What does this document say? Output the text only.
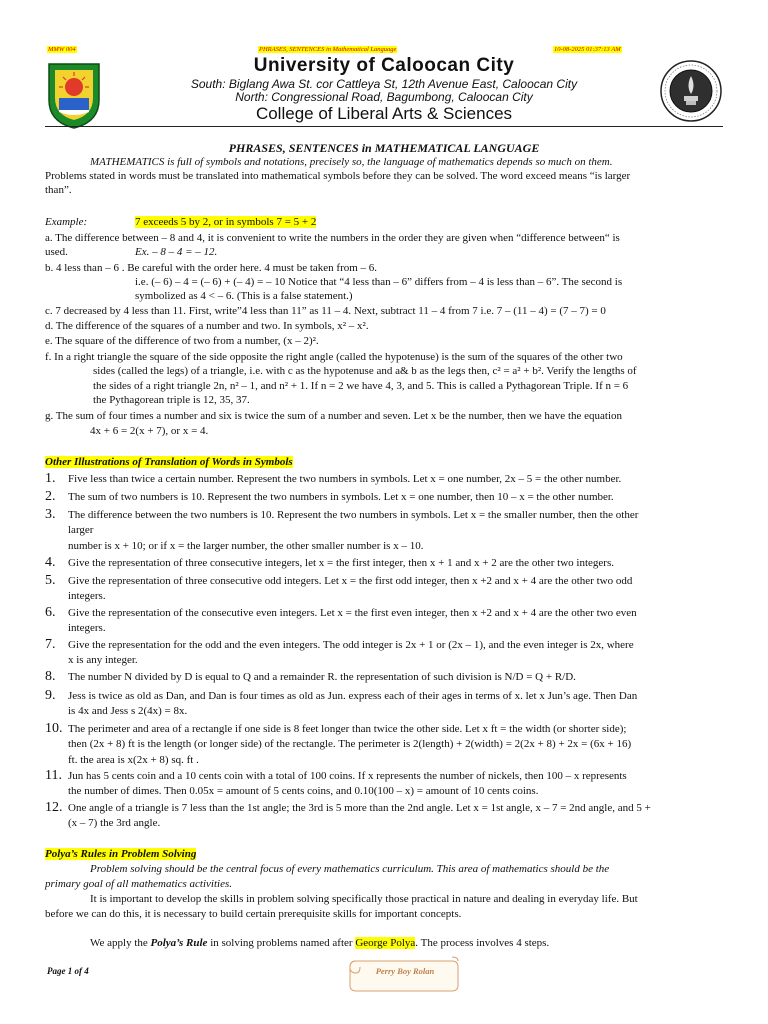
MMW 004	PHRASES, SENTENCES in Mathematical Language	10-08-2025 01:37:13 AM
University of Caloocan City
South: Biglang Awa St. cor Cattleya St, 12th Avenue East, Caloocan City
North: Congressional Road, Bagumbong, Caloocan City
College of Liberal Arts & Sciences
PHRASES, SENTENCES in MATHEMATICAL LANGUAGE
MATHEMATICS is full of symbols and notations, precisely so, the language of mathematics depends so much on them.
Problems stated in words must be translated into mathematical symbols before they can be solved. The word exceed means “is larger
than”.
Example:	7 exceeds 5 by 2, or in symbols 7 = 5 + 2
a. The difference between – 8 and 4, it is convenient to write the numbers in the order they are given when “difference between“ is
used.	Ex. – 8 – 4 = – 12.
b. 4 less than – 6 . Be careful with the order here. 4 must be taken from – 6.
i.e. (– 6) – 4 = (– 6) + (– 4) = – 10 Notice that “4 less than – 6” differs from – 4 is less than – 6”. The second is
symbolized as 4 < – 6. (This is a false statement.)
c. 7 decreased by 4 less than 11. First, write”4 less than 11” as 11 – 4. Next, subtract 11 – 4 from 7 i.e. 7 – (11 – 4) = (7 – 7) = 0
d. The difference of the squares of a number and two. In symbols, x² – x².
e. The square of the difference of two from a number, (x – 2)².
f. In a right triangle the square of the side opposite the right angle (called the hypotenuse) is the sum of the squares of the other two
sides (called the legs) of a triangle, i.e. with c as the hypotenuse and a& b as the legs then, c² = a² + b². Verify the lengths of
the sides of a right triangle 2n, n² – 1, and n² + 1. If n = 2 we have 4, 3, and 5. This is called a Pythagorean Triple. If n = 6
the Pythagorean triple is 12, 35, 37.
g. The sum of four times a number and six is twice the sum of a number and seven. Let x be the number, then we have the equation
4x + 6 = 2(x + 7), or x = 4.
Other Illustrations of Translation of Words in Symbols
1. Five less than twice a certain number. Represent the two numbers in symbols. Let x = one number, 2x – 5 = the other number.
2. The sum of two numbers is 10. Represent the two numbers in symbols. Let x = one number, then 10 – x = the other number.
3. The difference between the two numbers is 10. Represent the two numbers in symbols. Let x = the smaller number, then the other
larger
number is x + 10; or if x = the larger number, the other smaller number is x – 10.
4. Give the representation of three consecutive integers, let x = the first integer, then x + 1 and x + 2 are the other two integers.
5. Give the representation of three consecutive odd integers. Let x = the first odd integer, then x +2 and x + 4 are the other two odd
integers.
6. Give the representation of the consecutive even integers. Let x = the first even integer, then x +2 and x + 4 are the other two even
integers.
7. Give the representation for the odd and the even integers. The odd integer is 2x + 1 or (2x – 1), and the even integer is 2x, where
x is any integer.
8. The number N divided by D is equal to Q and a remainder R. the representation of such division is N/D = Q + R/D.
9. Jess is twice as old as Dan, and Dan is four times as old as Jun. express each of their ages in terms of x. let x Jun’s age. Then Dan
is 4x and Jess s 2(4x) = 8x.
10. The perimeter and area of a rectangle if one side is 8 feet longer than twice the other side. Let x ft = the width (or shorter side);
then (2x + 8) ft is the length (or longer side) of the rectangle. The perimeter is 2(length) + 2(width) = 2(2x + 8) + 2x = (6x + 16)
ft. the area is x(2x + 8) sq. ft .
11. Jun has 5 cents coin and a 10 cents coin with a total of 100 coins. If x represents the number of nickels, then 100 – x represents
the number of dimes. Then 0.05x = amount of 5 cents coins, and 0.10(100 – x) = amount of 10 cents coins.
12. One angle of a triangle is 7 less than the 1st angle; the 3rd is 5 more than the 2nd angle. Let x = 1st angle, x – 7 = 2nd angle, and 5 +
(x – 7) the 3rd angle.
Polya’s Rules in Problem Solving
Problem solving should be the central focus of every mathematics curriculum. This area of mathematics should be the
primary goal of all mathematics activities.
It is important to develop the skills in problem solving specifically those practical in nature and dealing in everyday life. But
before we can do this, it is necessary to build certain prerequisite skills for important concepts.
We apply the Polya’s Rule in solving problems named after George Polya. The process involves 4 steps.
Page 1 of 4	Perry Boy Rolan
